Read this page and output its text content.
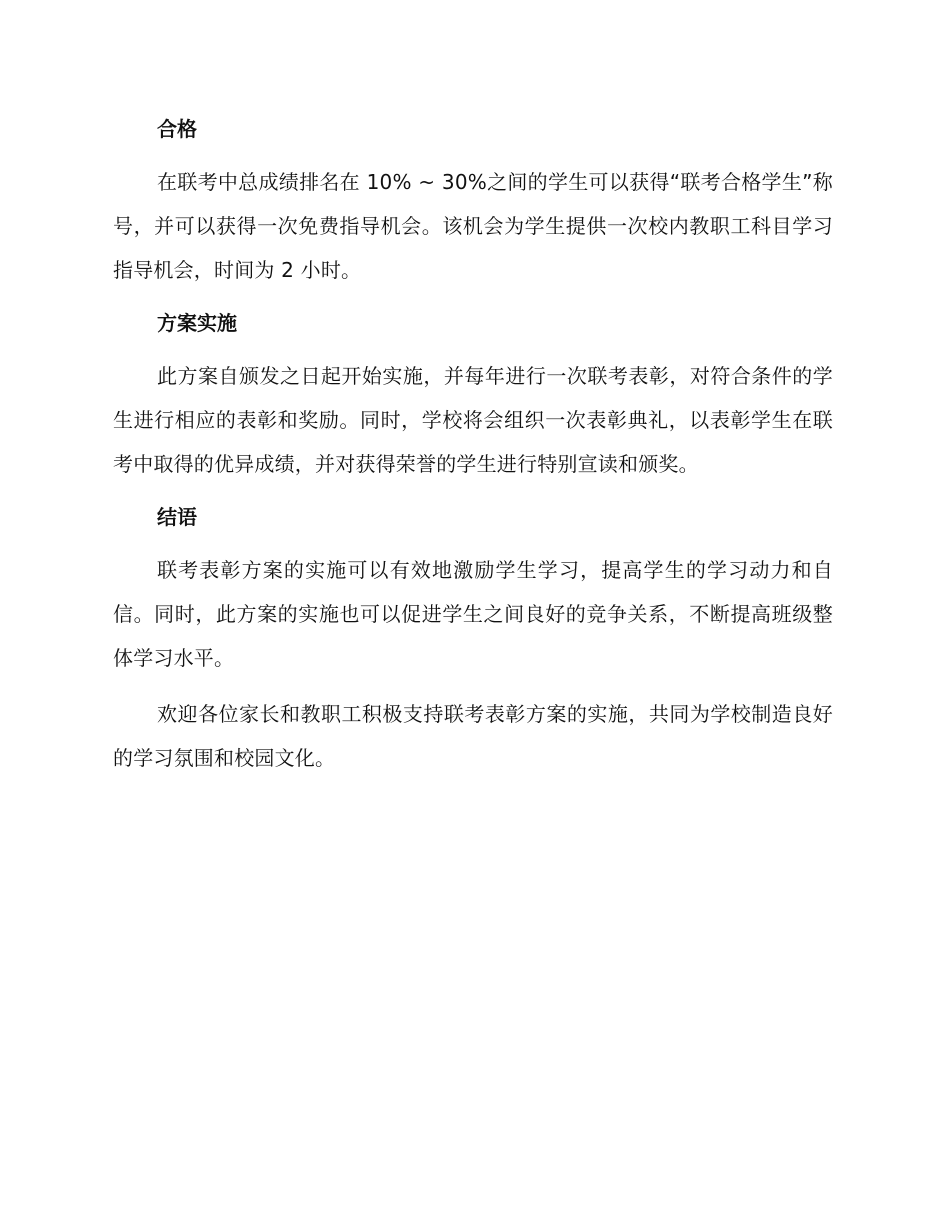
合格

在联考中总成绩排名在 10% ~ 30%之间的学生可以获得“联考合格学生”称号，并可以获得一次免费指导机会。该机会为学生提供一次校内教职工科目学习指导机会，时间为 2 小时。

方案实施

此方案自颁发之日起开始实施，并每年进行一次联考表彰，对符合条件的学生进行相应的表彰和奖励。同时，学校将会组织一次表彰典礼，以表彰学生在联考中取得的优异成绩，并对获得荣誉的学生进行特别宣读和颁奖。

结语

联考表彰方案的实施可以有效地激励学生学习，提高学生的学习动力和自信。同时，此方案的实施也可以促进学生之间良好的竞争关系，不断提高班级整体学习水平。

欢迎各位家长和教职工积极支持联考表彰方案的实施，共同为学校制造良好的学习氛围和校园文化。
